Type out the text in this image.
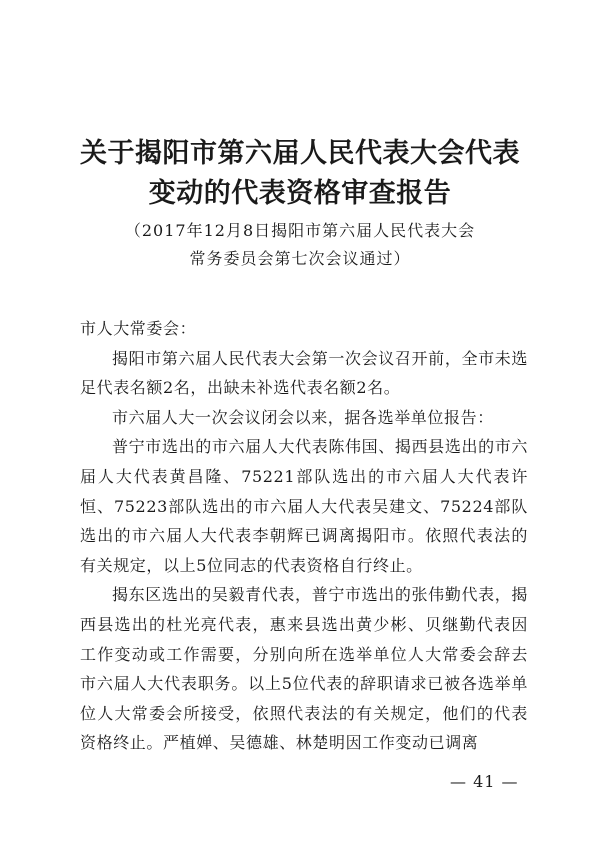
关于揭阳市第六届人民代表大会代表
变动的代表资格审查报告
（2017年12月8日揭阳市第六届人民代表大会
常务委员会第七次会议通过）

市人大常委会：

揭阳市第六届人民代表大会第一次会议召开前，全市未选足代表名额2名，出缺未补选代表名额2名。

市六届人大一次会议闭会以来，据各选举单位报告：

普宁市选出的市六届人大代表陈伟国、揭西县选出的市六届人大代表黄昌隆、75221部队选出的市六届人大代表许恒、75223部队选出的市六届人大代表吴建文、75224部队选出的市六届人大代表李朝辉已调离揭阳市。依照代表法的有关规定，以上5位同志的代表资格自行终止。

揭东区选出的吴毅青代表，普宁市选出的张伟勤代表，揭西县选出的杜光亮代表，惠来县选出黄少彬、贝继勤代表因工作变动或工作需要，分别向所在选举单位人大常委会辞去市六届人大代表职务。以上5位代表的辞职请求已被各选举单位人大常委会所接受，依照代表法的有关规定，他们的代表资格终止。严植婵、吴德雄、林楚明因工作变动已调离

— 41 —
